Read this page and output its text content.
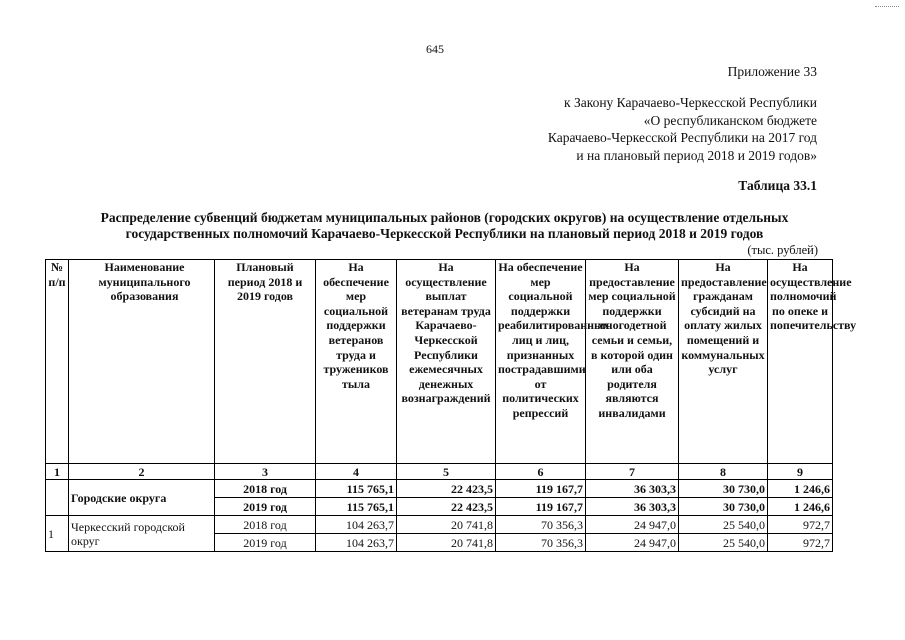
645
Приложение 33
к Закону Карачаево-Черкесской Республики
«О республиканском бюджете
Карачаево-Черкесской Республики на 2017 год
и на плановый период 2018 и 2019 годов»
Таблица 33.1
Распределение субвенций бюджетам муниципальных районов (городских округов) на осуществление отдельных государственных полномочий Карачаево-Черкесской Республики на плановый период 2018 и 2019 годов
(тыс. рублей)
№ п/п	Наименование муниципального образования	Плановый период 2018 и 2019 годов	На обеспечение мер социальной поддержки ветеранов труда и тружеников тыла	На осуществление выплат ветеранам труда Карачаево-Черкесской Республики ежемесячных денежных вознаграждений	На обеспечение мер социальной поддержки реабилитированных лиц и лиц, признанных пострадавшими от политических репрессий	На предоставление мер социальной поддержки многодетной семьи и семьи, в которой один или оба родителя являются инвалидами	На предоставление гражданам субсидий на оплату жилых помещений и коммунальных услуг	На осуществление полномочий по опеке и попечительству
1	2	3	4	5	6	7	8	9
	Городские округа	2018 год	115 765,1	22 423,5	119 167,7	36 303,3	30 730,0	1 246,6
		2019 год	115 765,1	22 423,5	119 167,7	36 303,3	30 730,0	1 246,6
1	Черкесский городской округ	2018 год	104 263,7	20 741,8	70 356,3	24 947,0	25 540,0	972,7
		2019 год	104 263,7	20 741,8	70 356,3	24 947,0	25 540,0	972,7
